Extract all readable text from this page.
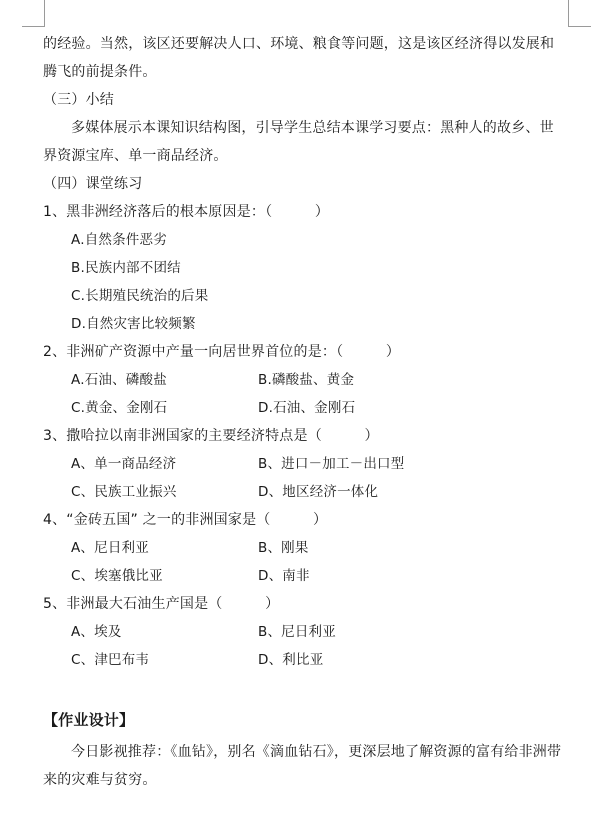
的经验。当然，该区还要解决人口、环境、粮食等问题，这是该区经济得以发展和
腾飞的前提条件。
（三）小结
多媒体展示本课知识结构图，引导学生总结本课学习要点：黑种人的故乡、世
界资源宝库、单一商品经济。
（四）课堂练习
1、黑非洲经济落后的根本原因是：（　　　）
A.自然条件恶劣
B.民族内部不团结
C.长期殖民统治的后果
D.自然灾害比较频繁
2、非洲矿产资源中产量一向居世界首位的是：（　　　）
A.石油、磷酸盐	B.磷酸盐、黄金
C.黄金、金刚石	D.石油、金刚石
3、撒哈拉以南非洲国家的主要经济特点是（　　　）
A、单一商品经济	B、进口－加工－出口型
C、民族工业振兴	D、地区经济一体化
4、“金砖五国” 之一的非洲国家是（　　　）
A、尼日利亚	B、刚果
C、埃塞俄比亚	D、南非
5、非洲最大石油生产国是（　　　）
A、埃及	B、尼日利亚
C、津巴布韦	D、利比亚
【作业设计】
今日影视推荐：《血钻》，别名《滴血钻石》，更深层地了解资源的富有给非洲带
来的灾难与贫穷。
